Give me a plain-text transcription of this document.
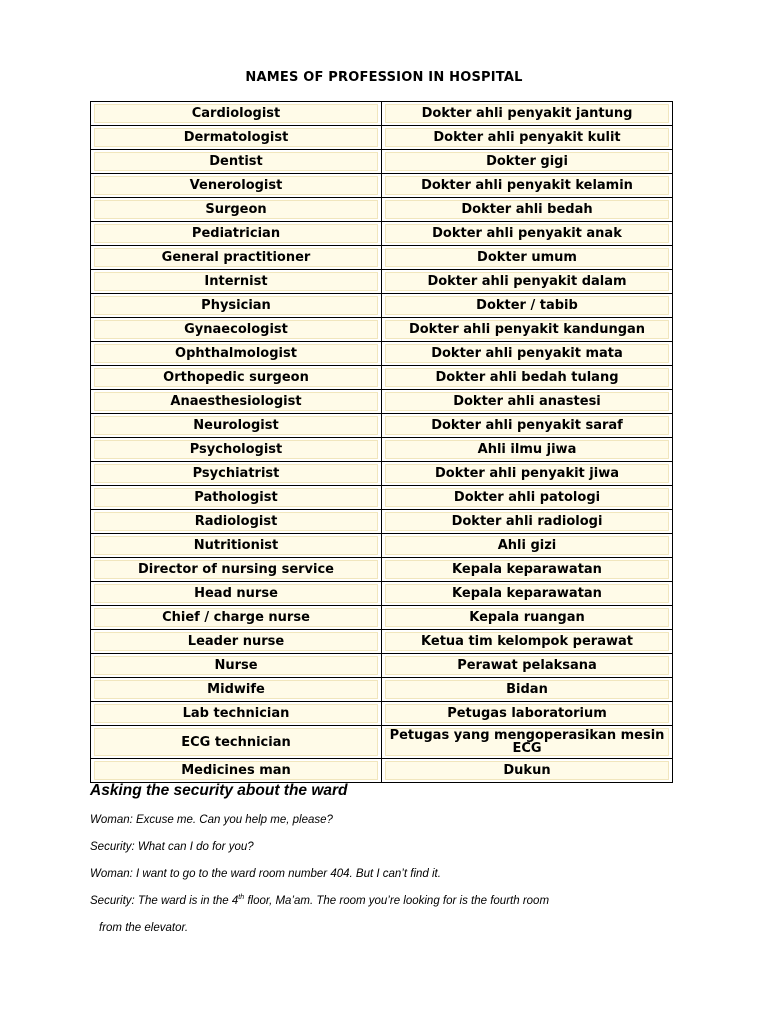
NAMES OF PROFESSION IN HOSPITAL
Cardiologist	Dokter ahli penyakit jantung

Dermatologist	Dokter ahli penyakit kulit

Dentist	Dokter gigi

Venerologist	Dokter ahli penyakit kelamin

Surgeon	Dokter ahli bedah

Pediatrician	Dokter ahli penyakit anak

General practitioner	Dokter umum

Internist	Dokter ahli penyakit dalam

Physician	Dokter / tabib

Gynaecologist	Dokter ahli penyakit kandungan

Ophthalmologist	Dokter ahli penyakit mata

Orthopedic surgeon	Dokter ahli bedah tulang

Anaesthesiologist	Dokter ahli anastesi

Neurologist	Dokter ahli penyakit saraf

Psychologist	Ahli ilmu jiwa

Psychiatrist	Dokter ahli penyakit jiwa

Pathologist	Dokter ahli patologi

Radiologist	Dokter ahli radiologi

Nutritionist	Ahli gizi

Director of nursing service	Kepala keparawatan

Head nurse	Kepala keparawatan

Chief / charge nurse	Kepala ruangan

Leader nurse	Ketua tim kelompok perawat

Nurse	Perawat pelaksana

Midwife	Bidan

Lab technician	Petugas laboratorium

ECG technician	Petugas yang mengoperasikan mesin ECG

Medicines man	Dukun
Asking the security about the ward
Woman: Excuse me. Can you help me, please?
Security: What can I do for you?
Woman: I want to go to the ward room number 404. But I can’t find it.
Security: The ward is in the 4th floor, Ma’am. The room you’re looking for is the fourth room
from the elevator.
